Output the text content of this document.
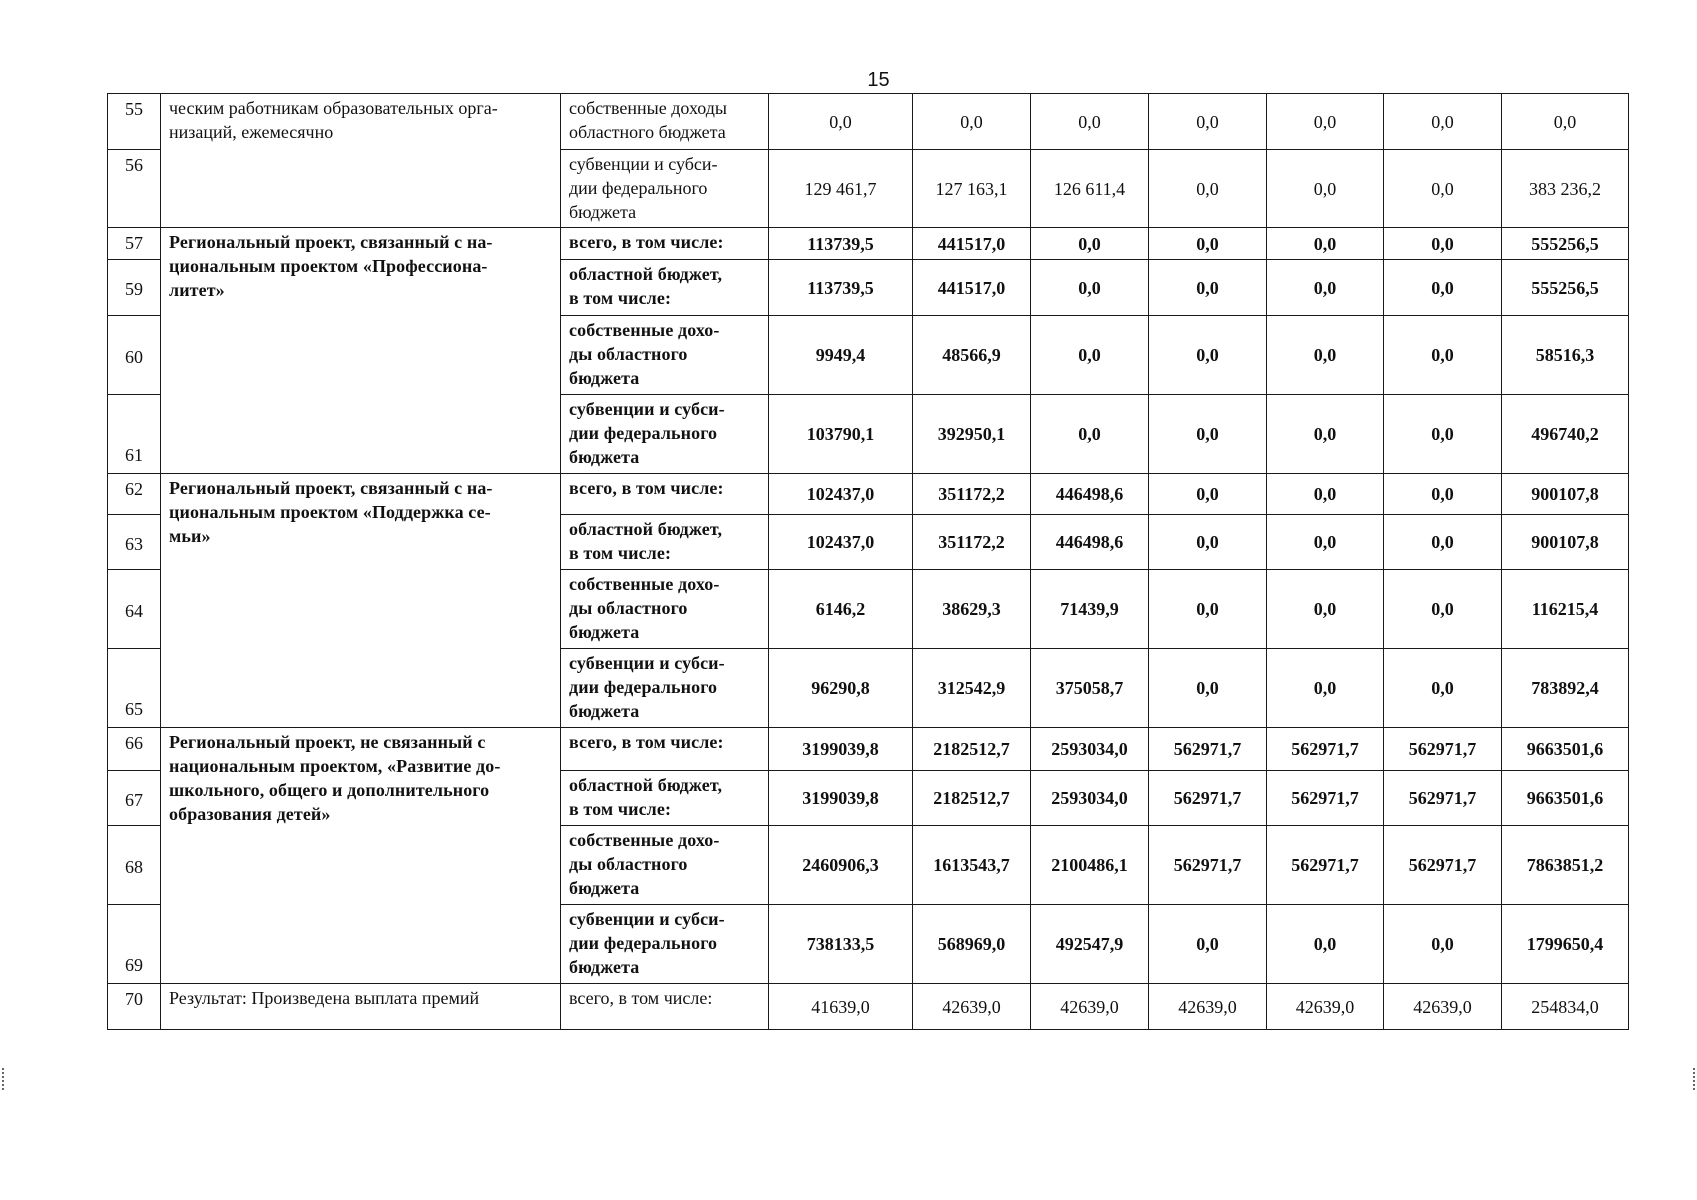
15
55	ческим работникам образовательных орга-
низаций, ежемесячно	собственные доходы
областного бюджета	0,0	0,0	0,0	0,0	0,0	0,0	0,0
56		субвенции и субси-
дии федерального
бюджета	129 461,7	127 163,1	126 611,4	0,0	0,0	0,0	383 236,2
57	Региональный проект, связанный с на-
циональным проектом «Профессиона-
литет»	всего, в том числе:	113739,5	441517,0	0,0	0,0	0,0	0,0	555256,5
59		областной бюджет,
в том числе:	113739,5	441517,0	0,0	0,0	0,0	0,0	555256,5
60		собственные дохо-
ды областного
бюджета	9949,4	48566,9	0,0	0,0	0,0	0,0	58516,3
61		субвенции и субси-
дии федерального
бюджета	103790,1	392950,1	0,0	0,0	0,0	0,0	496740,2
62	Региональный проект, связанный с на-
циональным проектом «Поддержка се-
мьи»	всего, в том числе:	102437,0	351172,2	446498,6	0,0	0,0	0,0	900107,8
63		областной бюджет,
в том числе:	102437,0	351172,2	446498,6	0,0	0,0	0,0	900107,8
64		собственные дохо-
ды областного
бюджета	6146,2	38629,3	71439,9	0,0	0,0	0,0	116215,4
65		субвенции и субси-
дии федерального
бюджета	96290,8	312542,9	375058,7	0,0	0,0	0,0	783892,4
66	Региональный проект, не связанный с
национальным проектом, «Развитие до-
школьного, общего и дополнительного
образования детей»	всего, в том числе:	3199039,8	2182512,7	2593034,0	562971,7	562971,7	562971,7	9663501,6
67		областной бюджет,
в том числе:	3199039,8	2182512,7	2593034,0	562971,7	562971,7	562971,7	9663501,6
68		собственные дохо-
ды областного
бюджета	2460906,3	1613543,7	2100486,1	562971,7	562971,7	562971,7	7863851,2
69		субвенции и субси-
дии федерального
бюджета	738133,5	568969,0	492547,9	0,0	0,0	0,0	1799650,4
70	Результат: Произведена выплата премий	всего, в том числе:	41639,0	42639,0	42639,0	42639,0	42639,0	42639,0	254834,0
